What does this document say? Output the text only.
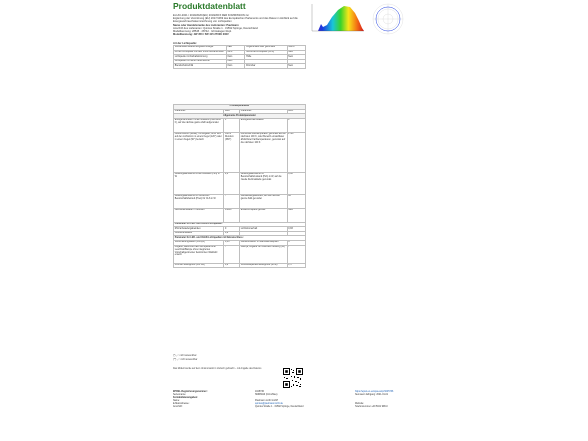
Produktdatenblatt
EU-ZU-2021 / 2019/2020/(EU) 2019/2015 DER KOMMISSION zur
Ergänzung der Verordnung (EU) 2017/1369 des Europäischen Parlaments und des Rates im Hinblick auf die
Energieverbrauchskennzeichnung von Lichtquellen
Name oder Handelsmarke des Lieferanten: Paulmann
Anschrift des Lieferanten: Quintus Straße 1 · 31592 Springe, Deutschland
Modellkennung: 28545 · 28742 · G9 Halogen Repl.
Modellkennung: 4W 350 / 5W 415 2700K 230V
Art der Lichtquelle:
Verwendete Beleuchtungstechnologie	LED	Ungebündelt oder gebündelt	NDLS
Art der Lichtquelle mit oder ohne Netzanschluss	MLS	Vernetzte Lichtquelle (CLS)	Nein
Lichtquelle mit Farbabstimmung	Nein	Hülle	Nein
Lichtquelle mit hoher Leuchtdichte	Nein		
Blendschutzschild	Nein	Dimmbar	Nein
Produktparameter			
Parameter	Wert	Parameter	Wert
Allgemeine Produktparameter			
Energieverbrauch im Ein-Zustand (kWh/1000 h), auf die nächste ganze Zahl aufgerundet	1	Energieeffizienzklasse	F
Nutzlichtstrom (Φuse), mit Angabe, ob er sich auf den Lichtstrom in einem Kegel (120°) oder in einem Kegel (90°) bezieht	350 in Rundum (360°)	Ähnlichste Farbtemperatur, gerundet auf die nächsten 100 K, oder Bereich einstellbarer ähnlichster Farbtemperaturen, gerundet auf die nächsten 100 K	2700
Leistungsaufnahme im Ein-Zustand (Pon) in W	4,0	Leistungsaufnahme im Bereitschaftszustand (Psb) in W, auf die zweite Dezimalstelle gerundet	0,00
Leistungsaufnahme im vernetzten Bereitschaftsbetrieb (Pnet) für CLS in W	-	Farbwiedergabeindex, auf die nächste ganze Zahl gerundet	80
Nennlebensdauer in Stunden	15000	Ersatzlichtquelle gemäß	Nein
Parameter für LED- und OLED-Lichtquellen:			
R9-Farbwiedergabeindex	0	Lichtstromerhalt	0,83
Überlebensfaktor	0,9		
Parameter für LED- und OLED-Lichtquellen mit Netzanschluss:			
Verschiebungsfaktor (cos φ1)	0,53	Farbkonsistenz in MacAdam-Ellipsen	6
Angabe, dass eine LED-Lichtquelle eine Leuchtstofflampe ohne integriertes Vorschaltgerät einer bestimmten Wattzahl ersetzt	-	Falls ja, Angabe zur ersetzten Leistung (W)	-
Flimmer-Messgröße (Pst LM)	0,9	Stroboskopeffekt-Messgröße (SVM)	1,5
(*) „-“: nicht anwendbar
(**) „-“: nicht anwendbar
Das Modell wurde auf dem Unionsmarkt in Verkehr gebracht – mit Angabe des Datums
EPREL-Registrierungsnummer:	1045736	https://eprel.ec.europa.eu/qr/1045736
Serienname:	SMR6910 (Cirro/blau)	Nennwert: Jahrgang: 2021-01-01
Kontaktdatenangaben:
Name:	Paulmann Licht GmbH
E-Mail-Adresse:	quintus@paulmann-licht.de	Website:
Anschrift:	Quintus Straße 1 · 31592 Springe, Deutschland	Telefonnummer: +49 5041 998-0
